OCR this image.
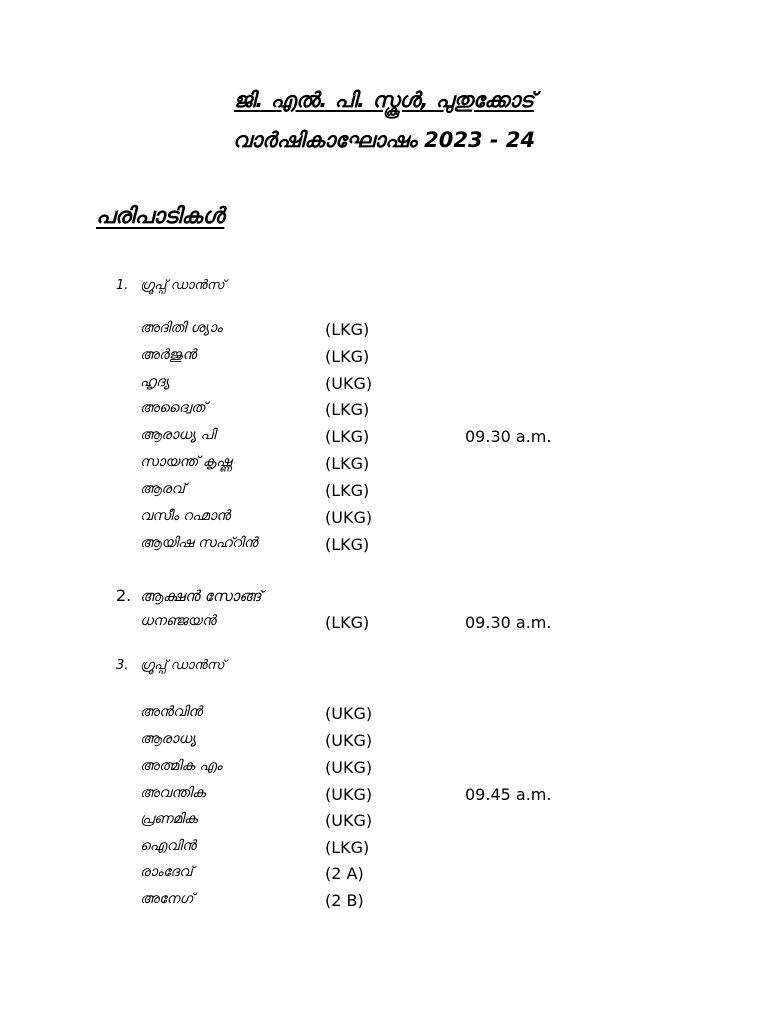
ജി. എൽ. പി. സ്കൂൾ, പുതുക്കോട്
വാർഷികാഘോഷം 2023 - 24
പരിപാടികൾ
1. ഗ്രൂപ്പ് ഡാൻസ്
അദിതി ശ്യാം	(LKG)
അർജുൻ	(LKG)
ഹൃദ്യ	(UKG)
അദ്വൈത്	(LKG)
ആരാധ്യ പി	(LKG)	09.30 a.m.
സായന്ത് കൃഷ്ണ	(LKG)
ആരവ്	(LKG)
വസീം റഹ്മാൻ	(UKG)
ആയിഷ സഹ്റിൻ	(LKG)
2. ആക്ഷൻ സോങ്ങ്
ധനഞ്ജയൻ	(LKG)	09.30 a.m.
3. ഗ്രൂപ്പ് ഡാൻസ്
അൻവിൻ	(UKG)
ആരാധ്യ	(UKG)
അത്മിക എം	(UKG)
അവന്തിക	(UKG)	09.45 a.m.
പ്രണമിക	(UKG)
ഐവിൻ	(LKG)
രാംദേവ്	(2 A)
അനേഗ്	(2 B)
